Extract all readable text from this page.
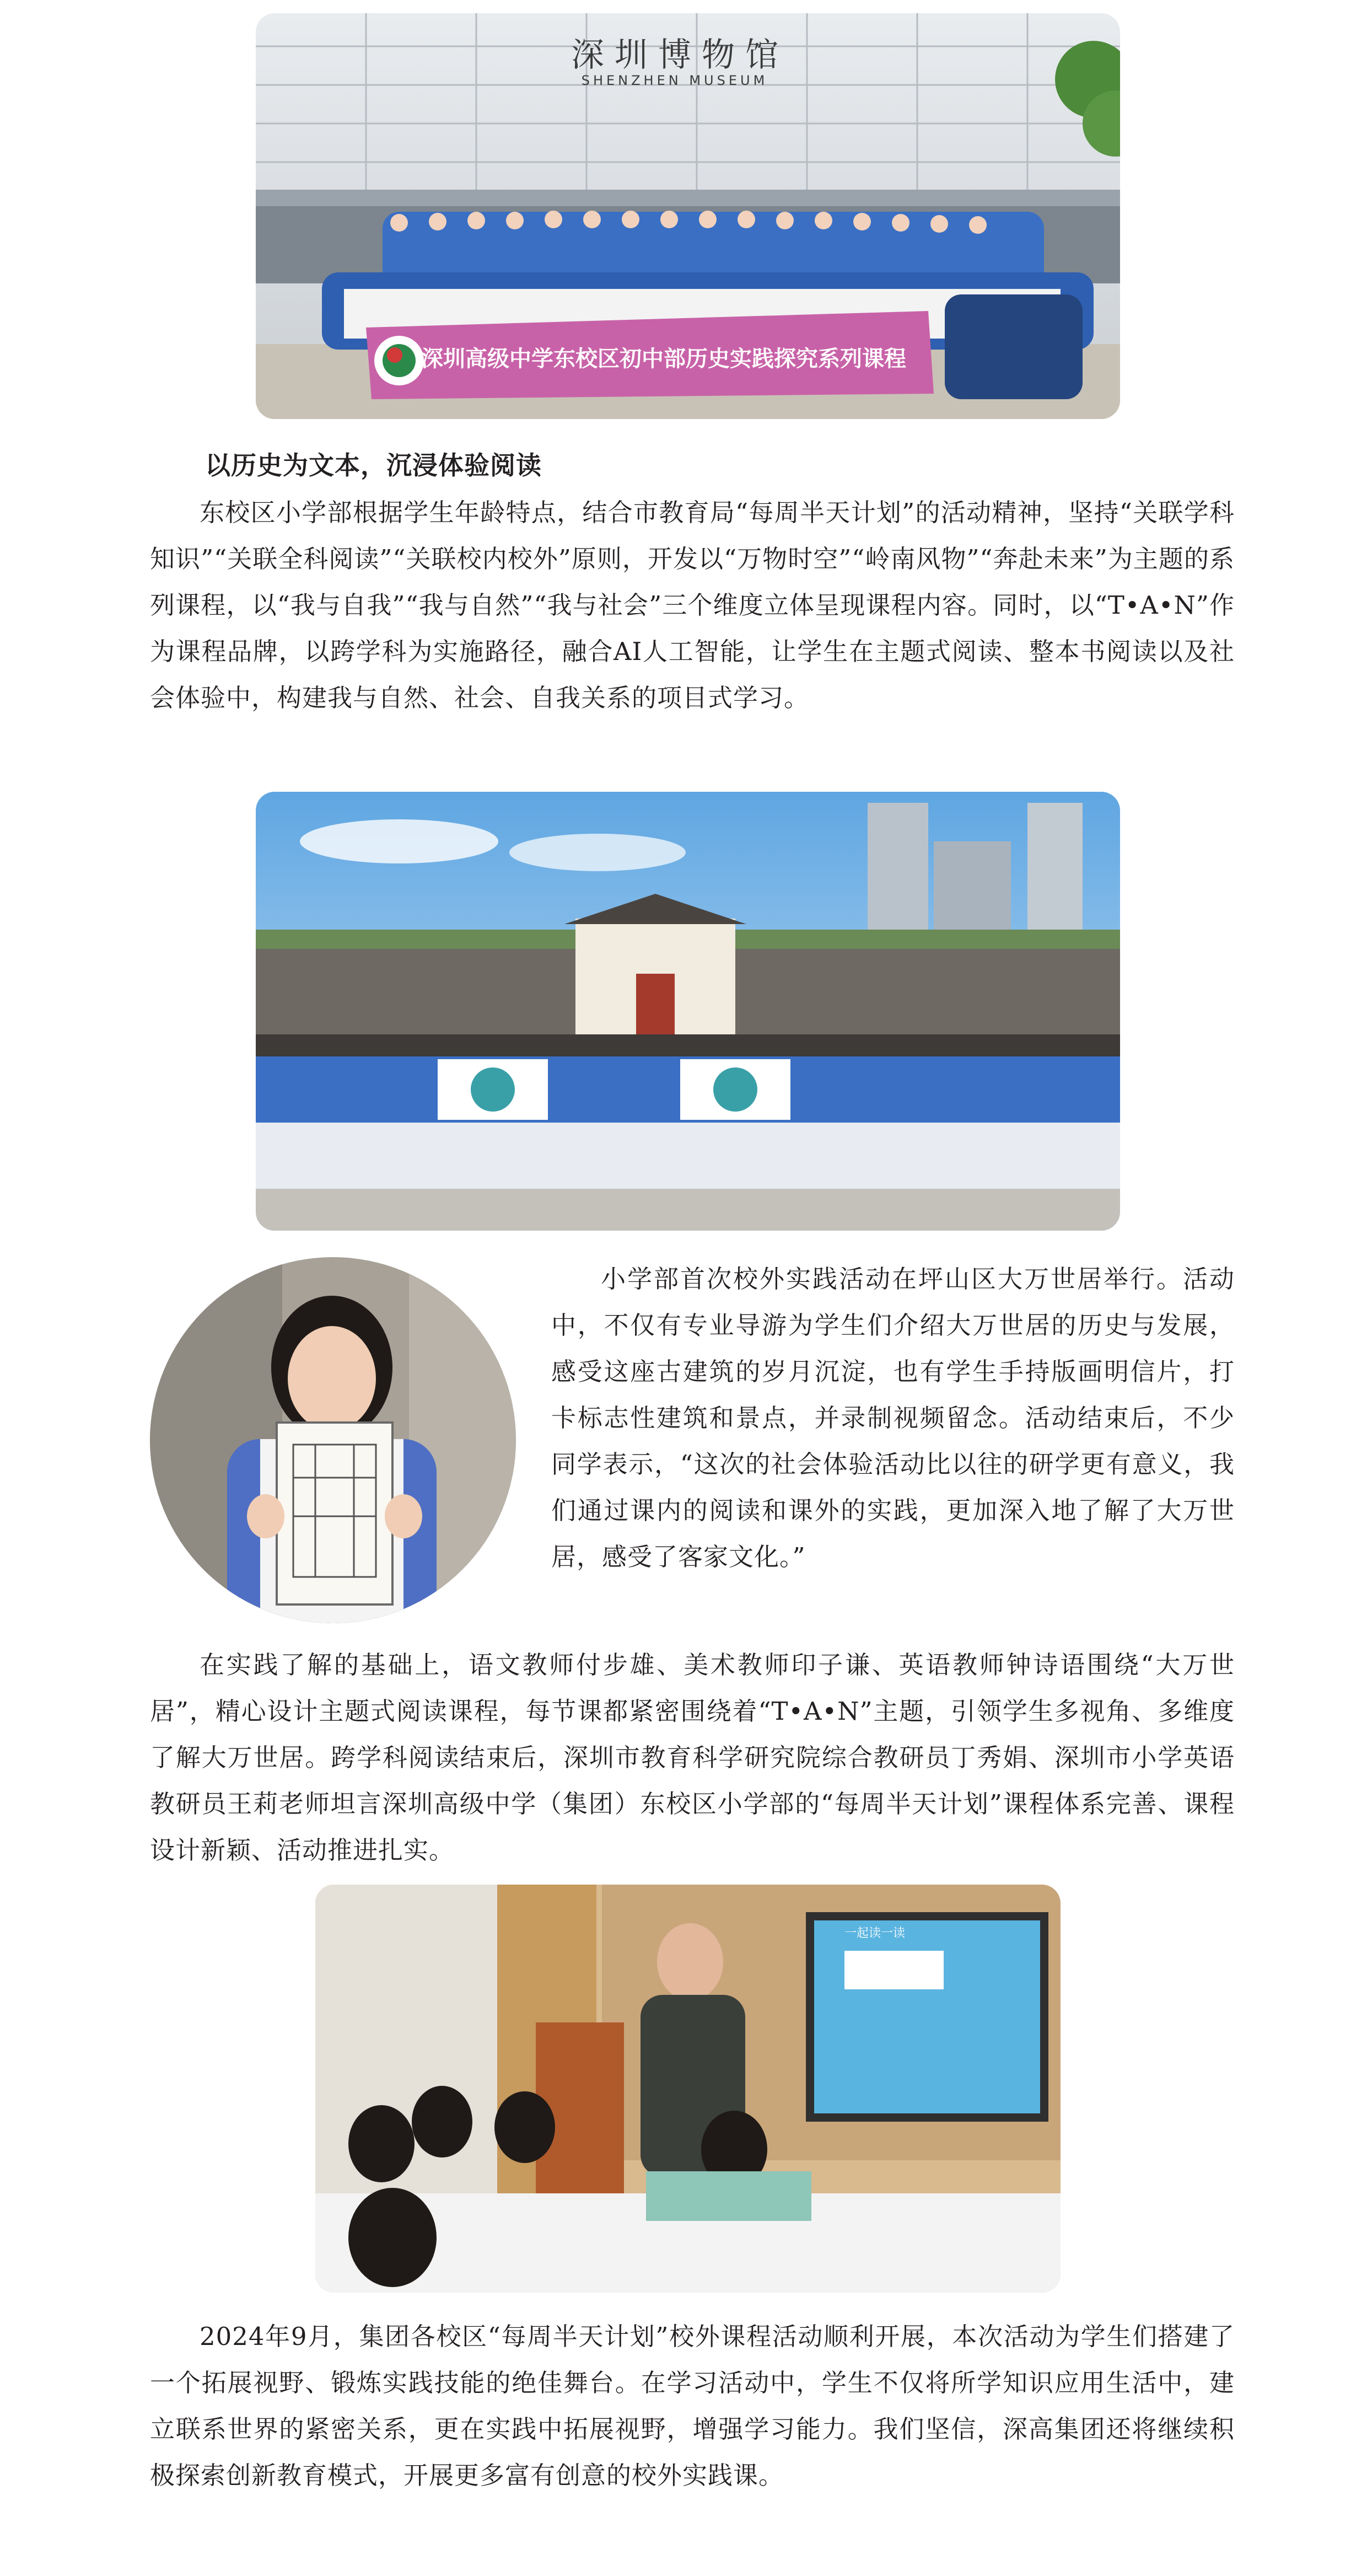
深 圳 博 物 馆
SHENZHEN MUSEUM
深圳高级中学东校区初中部历史实践探究系列课程
以历史为文本，沉浸体验阅读

东校区小学部根据学生年龄特点，结合市教育局“每周半天计划”的活动精神，坚持“关联学科知识”“关联全科阅读”“关联校内校外”原则，开发以“万物时空”“岭南风物”“奔赴未来”为主题的系列课程，以“我与自我”“我与自然”“我与社会”三个维度立体呈现课程内容。同时，以“T•A•N”作为课程品牌，以跨学科为实施路径，融合AI人工智能，让学生在主题式阅读、整本书阅读以及社会体验中，构建我与自然、社会、自我关系的项目式学习。

小学部首次校外实践活动在坪山区大万世居举行。活动中，不仅有专业导游为学生们介绍大万世居的历史与发展，感受这座古建筑的岁月沉淀，也有学生手持版画明信片，打卡标志性建筑和景点，并录制视频留念。活动结束后，不少同学表示，“这次的社会体验活动比以往的研学更有意义，我们通过课内的阅读和课外的实践，更加深入地了解了大万世居，感受了客家文化。”

在实践了解的基础上，语文教师付步雄、美术教师印子谦、英语教师钟诗语围绕“大万世居”，精心设计主题式阅读课程，每节课都紧密围绕着“T•A•N”主题，引领学生多视角、多维度了解大万世居。跨学科阅读结束后，深圳市教育科学研究院综合教研员丁秀娟、深圳市小学英语教研员王莉老师坦言深圳高级中学（集团）东校区小学部的“每周半天计划”课程体系完善、课程设计新颖、活动推进扎实。

一起读一读

2024年9月，集团各校区“每周半天计划”校外课程活动顺利开展，本次活动为学生们搭建了一个拓展视野、锻炼实践技能的绝佳舞台。在学习活动中，学生不仅将所学知识应用生活中，建立联系世界的紧密关系，更在实践中拓展视野，增强学习能力。我们坚信，深高集团还将继续积极探索创新教育模式，开展更多富有创意的校外实践课。
